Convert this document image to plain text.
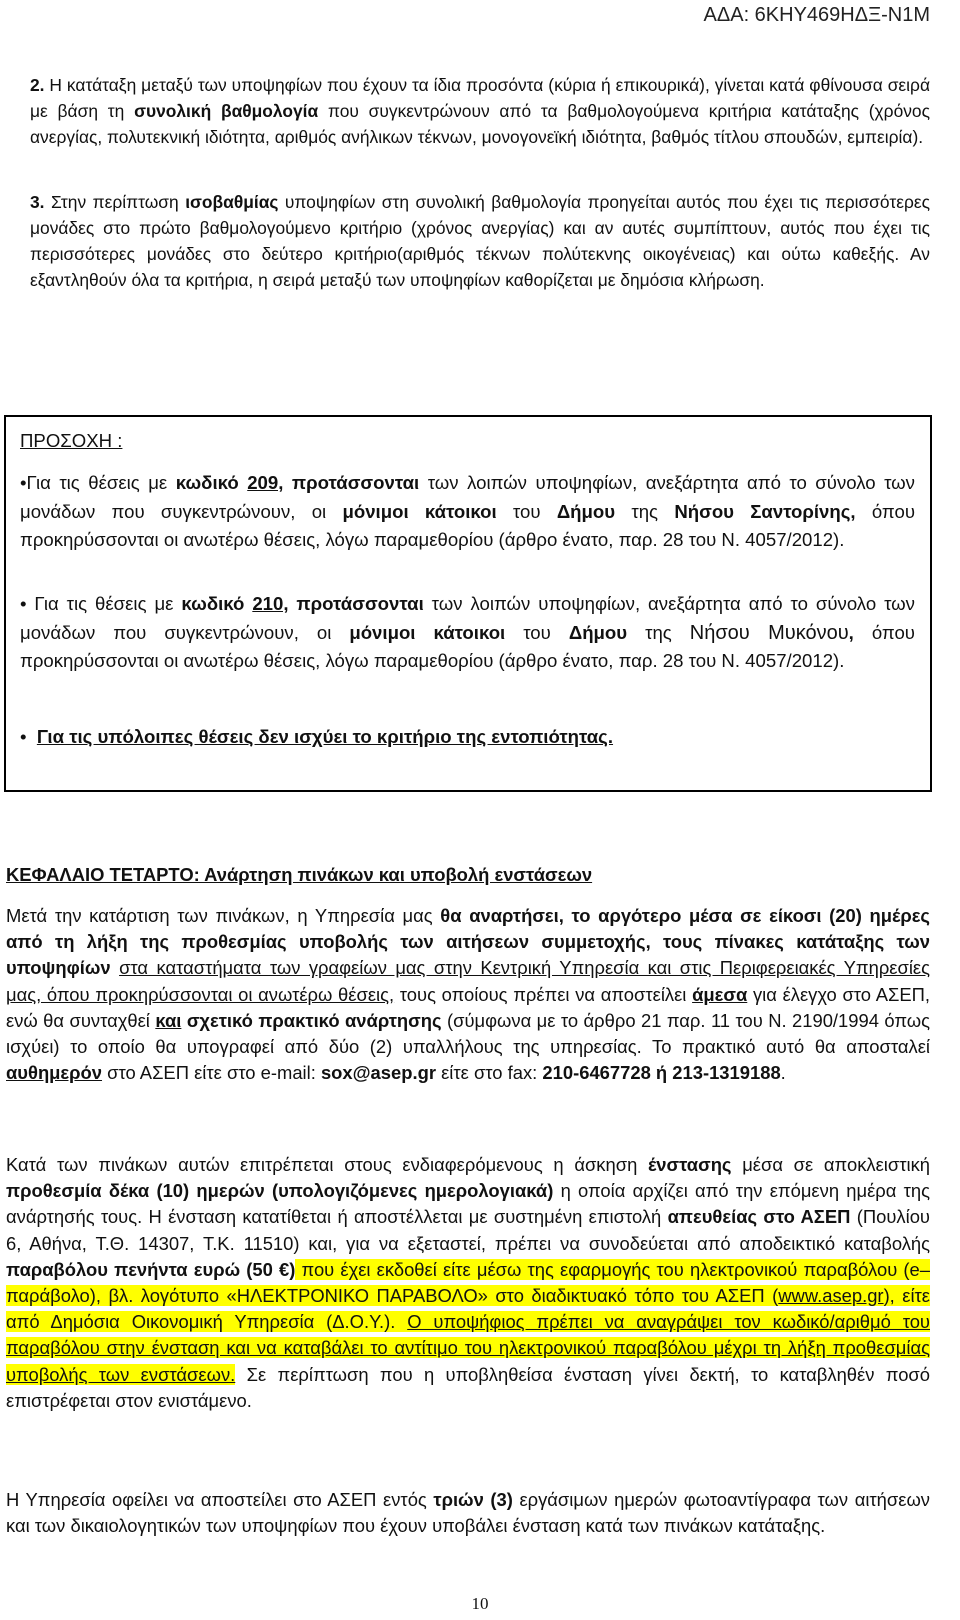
ΑΔΑ: 6ΚΗΥ469ΗΔΞ-Ν1Μ

2. Η κατάταξη μεταξύ των υποψηφίων που έχουν τα ίδια προσόντα (κύρια ή επικουρικά), γίνεται κατά φθίνουσα σειρά με βάση τη συνολική βαθμολογία που συγκεντρώνουν από τα βαθμολογούμενα κριτήρια κατάταξης (χρόνος ανεργίας, πολυτεκνική ιδιότητα, αριθμός ανήλικων τέκνων, μονογονεϊκή ιδιότητα, βαθμός τίτλου σπουδών, εμπειρία).

3. Στην περίπτωση ισοβαθμίας υποψηφίων στη συνολική βαθμολογία προηγείται αυτός που έχει τις περισσότερες μονάδες στο πρώτο βαθμολογούμενο κριτήριο (χρόνος ανεργίας) και αν αυτές συμπίπτουν, αυτός που έχει τις περισσότερες μονάδες στο δεύτερο κριτήριο(αριθμός τέκνων πολύτεκνης οικογένειας) και ούτω καθεξής. Αν εξαντληθούν όλα τα κριτήρια, η σειρά μεταξύ των υποψηφίων καθορίζεται με δημόσια κλήρωση.

ΠΡΟΣΟΧΗ :

•Για τις θέσεις με κωδικό 209, προτάσσονται των λοιπών υποψηφίων, ανεξάρτητα από το σύνολο των μονάδων που συγκεντρώνουν, οι μόνιμοι κάτοικοι του Δήμου της Νήσου Σαντορίνης, όπου προκηρύσσονται οι ανωτέρω θέσεις, λόγω παραμεθορίου (άρθρο ένατο, παρ. 28 του Ν. 4057/2012).

• Για τις θέσεις με κωδικό 210, προτάσσονται των λοιπών υποψηφίων, ανεξάρτητα από το σύνολο των μονάδων που συγκεντρώνουν, οι μόνιμοι κάτοικοι του Δήμου της Νήσου Μυκόνου, όπου προκηρύσσονται οι ανωτέρω θέσεις, λόγω παραμεθορίου (άρθρο ένατο, παρ. 28 του Ν. 4057/2012).

• Για τις υπόλοιπες θέσεις δεν ισχύει το κριτήριο της εντοπιότητας.

ΚΕΦΑΛΑΙΟ ΤΕΤΑΡΤΟ: Ανάρτηση πινάκων και υποβολή ενστάσεων

Μετά την κατάρτιση των πινάκων, η Υπηρεσία μας θα αναρτήσει, το αργότερο μέσα σε είκοσι (20) ημέρες από τη λήξη της προθεσμίας υποβολής των αιτήσεων συμμετοχής, τους πίνακες κατάταξης των υποψηφίων στα καταστήματα των γραφείων μας στην Κεντρική Υπηρεσία και στις Περιφερειακές Υπηρεσίες μας, όπου προκηρύσσονται οι ανωτέρω θέσεις, τους οποίους πρέπει να αποστείλει άμεσα για έλεγχο στο ΑΣΕΠ, ενώ θα συνταχθεί και σχετικό πρακτικό ανάρτησης (σύμφωνα με το άρθρο 21 παρ. 11 του Ν. 2190/1994 όπως ισχύει) το οποίο θα υπογραφεί από δύο (2) υπαλλήλους της υπηρεσίας. Το πρακτικό αυτό θα αποσταλεί αυθημερόν στο ΑΣΕΠ είτε στο e-mail: sox@asep.gr είτε στο fax: 210-6467728 ή 213-1319188.

Κατά των πινάκων αυτών επιτρέπεται στους ενδιαφερόμενους η άσκηση ένστασης μέσα σε αποκλειστική προθεσμία δέκα (10) ημερών (υπολογιζόμενες ημερολογιακά) η οποία αρχίζει από την επόμενη ημέρα της ανάρτησής τους. Η ένσταση κατατίθεται ή αποστέλλεται με συστημένη επιστολή απευθείας στο ΑΣΕΠ (Πουλίου 6, Αθήνα, Τ.Θ. 14307, Τ.Κ. 11510) και, για να εξεταστεί, πρέπει να συνοδεύεται από αποδεικτικό καταβολής παραβόλου πενήντα ευρώ (50 €) που έχει εκδοθεί είτε μέσω της εφαρμογής του ηλεκτρονικού παραβόλου (e–παράβολο), βλ. λογότυπο «ΗΛΕΚΤΡΟΝΙΚΟ ΠΑΡΑΒΟΛΟ» στο διαδικτυακό τόπο του ΑΣΕΠ (www.asep.gr), είτε από Δημόσια Οικονομική Υπηρεσία (Δ.Ο.Υ.). Ο υποψήφιος πρέπει να αναγράψει τον κωδικό/αριθμό του παραβόλου στην ένσταση και να καταβάλει το αντίτιμο του ηλεκτρονικού παραβόλου μέχρι τη λήξη προθεσμίας υποβολής των ενστάσεων. Σε περίπτωση που η υποβληθείσα ένσταση γίνει δεκτή, το καταβληθέν ποσό επιστρέφεται στον ενιστάμενο.

Η Υπηρεσία οφείλει να αποστείλει στο ΑΣΕΠ εντός τριών (3) εργάσιμων ημερών φωτοαντίγραφα των αιτήσεων και των δικαιολογητικών των υποψηφίων που έχουν υποβάλει ένσταση κατά των πινάκων κατάταξης.

10
